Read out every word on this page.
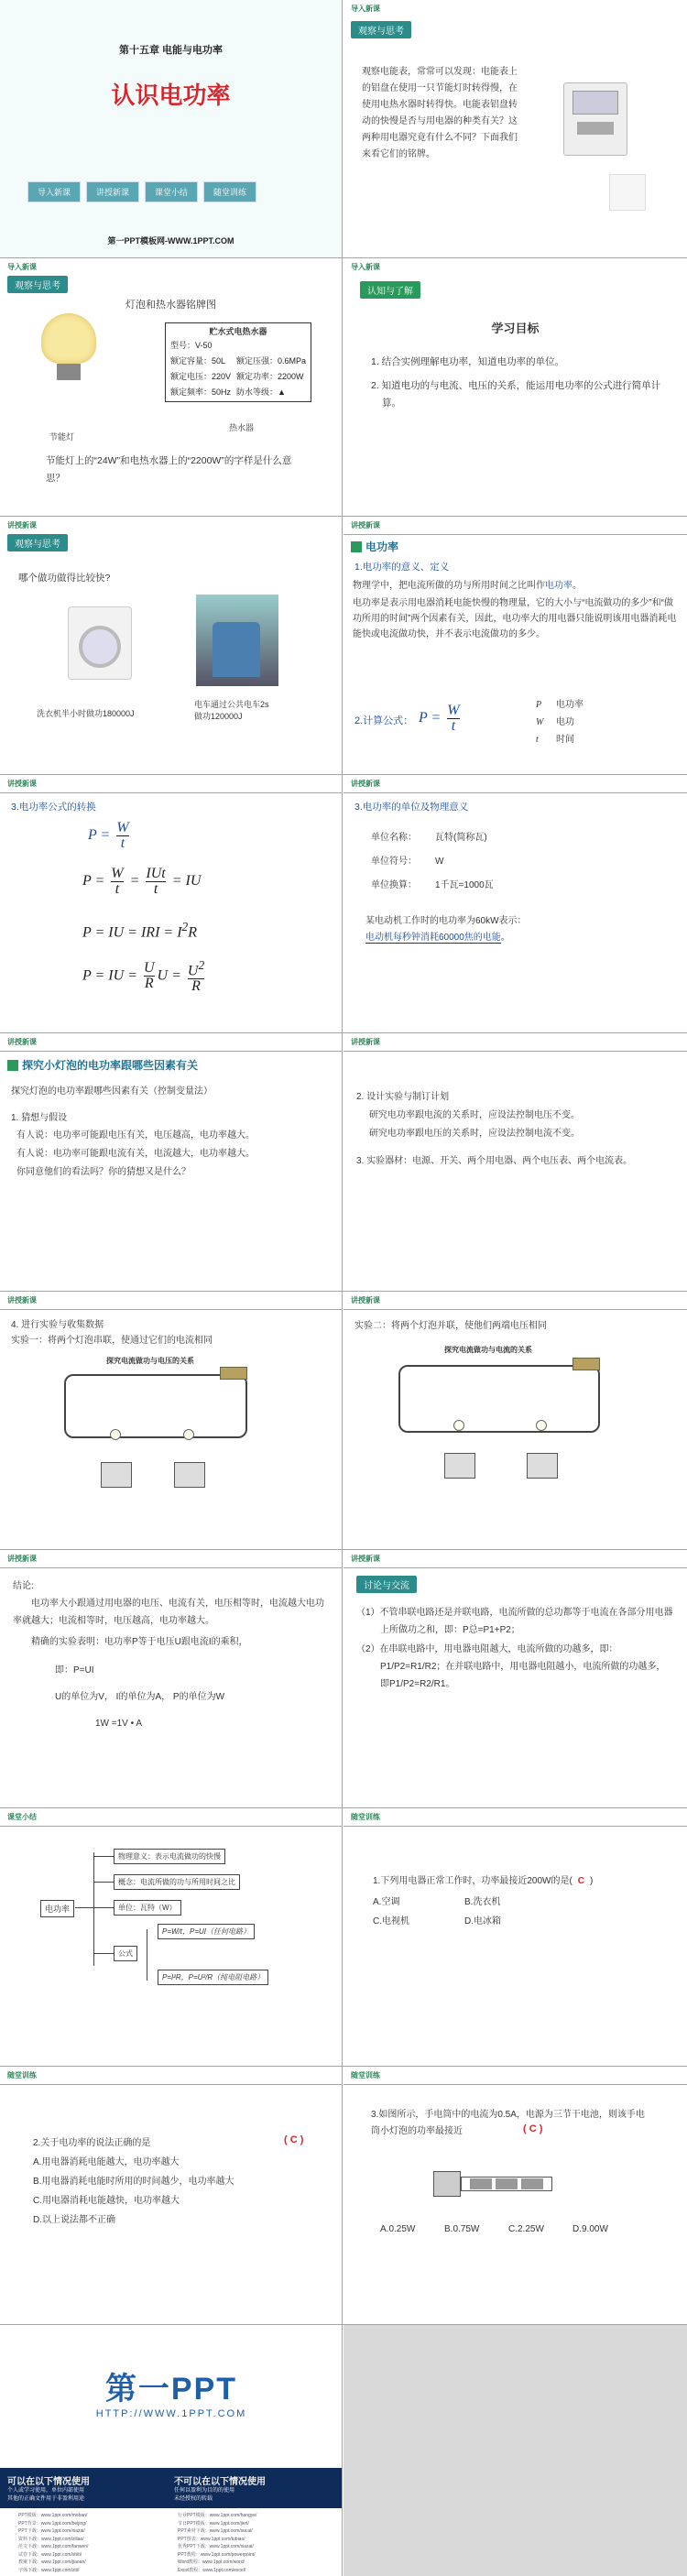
第十五章 电能与电功率
认识电功率
导入新课	讲授新课	课堂小结	随堂训练
第一PPT模板网-WWW.1PPT.COM
导入新课
观察与思考
观察电能表，常常可以发现：电能表上的铝盘在使用一只节能灯时转得慢，在使用电热水器时转得快。电能表铝盘转动的快慢是否与用电器的种类有关？这两种用电器究竟有什么不同？下面我们来看它们的铭牌。
导入新课
观察与思考
灯泡和热水器铭牌图
节能灯
贮水式电热水器
型号：V-50	
额定容量：50L	额定压强：0.6MPa
额定电压：220V	额定功率：2200W
额定频率：50Hz	防水等级：▲
热水器
节能灯上的“24W”和电热水器上的“2200W”的字样是什么意思？
导入新课
认知与了解
学习目标
1. 结合实例理解电功率，知道电功率的单位。
2. 知道电功的与电流、电压的关系，能运用电功率的公式进行简单计算。
讲授新课
观察与思考
哪个做功做得比较快?
洗衣机半小时做功180000J
电车通过公共电车2s做功120000J
讲授新课
电功率
1.电功率的意义、定义
物理学中，把电流所做的功与所用时间之比叫作电功率。
电功率是表示用电器消耗电能快慢的物理量，它的大小与“电流做功的多少”和“做功所用的时间”两个因素有关，因此，电功率大的用电器只能说明该用电器消耗电能快或电流做功快，并不表示电流做功的多少。
2.计算公式： $P = \frac{W}{t}$	P 电功率
W 电功
t 时间
讲授新课
3.电功率公式的转换
$P = \frac{W}{t}$
$P = \frac{W}{t} = \frac{\text{IUt}}{t}$ = IU
P = IU = IRI = $I^2R$
P = IU = $\frac{U}{R}$ $U = \frac{U^2}{R}$
讲授新课
3.电功率的单位及物理意义
单位名称： 瓦特(简称瓦)
单位符号： W
单位换算： 1千瓦=1000瓦
某电动机工作时的电功率为60kW表示：
电动机每秒钟消耗60000焦的电能。
讲授新课
探究小灯泡的电功率跟哪些因素有关
探究灯泡的电功率跟哪些因素有关（控制变量法）
1. 猜想与假设
有人说：电功率可能跟电压有关，电压越高，电功率越大。
有人说：电功率可能跟电流有关，电流越大，电功率越大。
你同意他们的看法吗？你的猜想又是什么？
讲授新课
2. 设计实验与制订计划
研究电功率跟电流的关系时，应设法控制电压不变。
研究电功率跟电压的关系时，应设法控制电流不变。
3. 实验器材：电源、开关、两个用电器、两个电压表、两个电流表。
讲授新课
4. 进行实验与收集数据
实验一：将两个灯泡串联，使通过它们的电流相同
探究电流做功与电压的关系
讲授新课
实验二：将两个灯泡并联，使他们两端电压相同
探究电流做功与电流的关系
讲授新课
结论:
电功率大小跟通过用电器的电压、电流有关，电压相等时，电流越大电功率就越大；电流相等时，电压越高，电功率越大。
精确的实验表明：电功率P等于电压U跟电流I的乘积，
即：P=UI
U的单位为V， I的单位为A， P的单位为W
1W =1V • A
讲授新课
讨论与交流
（1）不管串联电路还是并联电路，电流所做的总功都等于电流在各部分用电器上所做功之和，即：P总=P1+P2；
（2）在串联电路中，用电器电阻越大，电流所做的功越多，即：P1/P2=R1/R2；在并联电路中，用电器电阻越小，电流所做的功越多，即P1/P2=R2/R1。
课堂小结
电功率
物理意义：表示电流做功的快慢
概念：电流所做的功与所用时间之比
单位：瓦特（W）
公式
P=W/t，P=UI（任何电路）
P=I²R，P=U²/R（纯电阻电路）
随堂训练
1.下列用电器正常工作时，功率最接近200W的是( C )
A.空调	B.洗衣机
C.电视机	D.电冰箱
随堂训练
2.关于电功率的说法正确的是	( C )
A.用电器消耗电能越大，电功率越大
B.用电器消耗电能时所用的时间越少，电功率越大
C.用电器消耗电能越快，电功率越大
D.以上说法都不正确
随堂训练
3.如图所示，手电筒中的电流为0.5A，电源为三节干电池，则该手电筒小灯泡的功率最接近	( C )
A.0.25W	B.0.75W	C.2.25W	D.9.00W
第一PPT
HTTP://WWW.1PPT.COM
可以在以下情况使用
个人或学习使用，单位内部使用
其他的正确文件用于非盈利用途
不可以在以下情况使用
任何以盈利为目的的使用
未经授权的转载
PPT模板：www.1ppt.com/moban/
PPT背景：www.1ppt.com/beijing/
PPT下载：www.1ppt.com/xiazai/
资料下载：www.1ppt.com/ziliao/
范文下载：www.1ppt.com/fanwen/
试卷下载：www.1ppt.com/shiti/
教案下载：www.1ppt.com/jiaoan/
字体下载：www.1ppt.com/ziti/
行业PPT模板：www.1ppt.com/hangye/
节日PPT模板：www.1ppt.com/jieri/
PPT素材下载：www.1ppt.com/sucai/
PPT图表：www.1ppt.com/tubiao/
优秀PPT下载：www.1ppt.com/xiazai/
PPT教程：www.1ppt.com/powerpoint/
Word教程：www.1ppt.com/word/
Excel教程：www.1ppt.com/excel/
